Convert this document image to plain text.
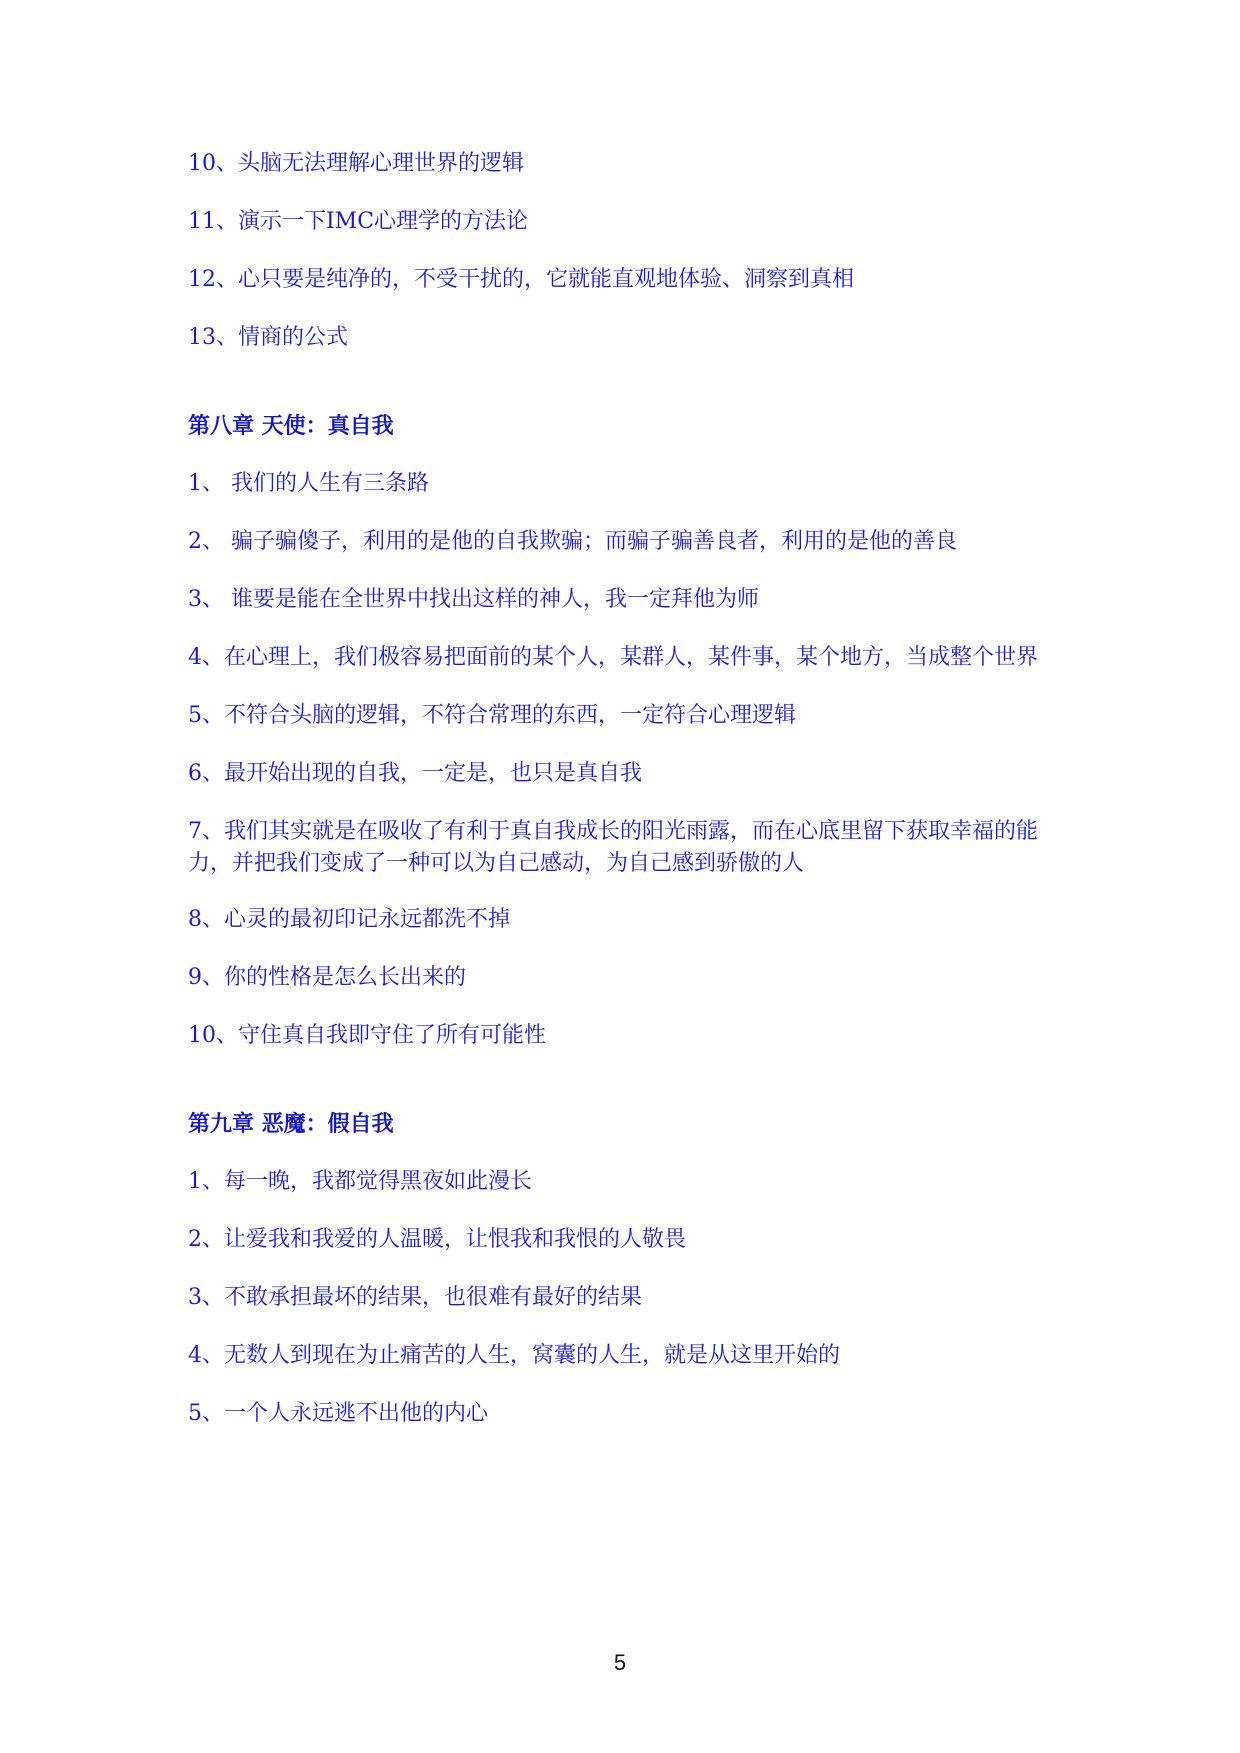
10、头脑无法理解心理世界的逻辑
11、演示一下IMC心理学的方法论
12、心只要是纯净的，不受干扰的，它就能直观地体验、洞察到真相
13、情商的公式
第八章 天使：真自我
1、 我们的人生有三条路
2、 骗子骗傻子，利用的是他的自我欺骗；而骗子骗善良者，利用的是他的善良
3、 谁要是能在全世界中找出这样的神人，我一定拜他为师
4、在心理上，我们极容易把面前的某个人，某群人，某件事，某个地方，当成整个世界
5、不符合头脑的逻辑，不符合常理的东西，一定符合心理逻辑
6、最开始出现的自我，一定是，也只是真自我
7、我们其实就是在吸收了有利于真自我成长的阳光雨露，而在心底里留下获取幸福的能力，并把我们变成了一种可以为自己感动，为自己感到骄傲的人
8、心灵的最初印记永远都洗不掉
9、你的性格是怎么长出来的
10、守住真自我即守住了所有可能性
第九章 恶魔：假自我
1、每一晚，我都觉得黑夜如此漫长
2、让爱我和我爱的人温暖，让恨我和我恨的人敬畏
3、不敢承担最坏的结果，也很难有最好的结果
4、无数人到现在为止痛苦的人生，窝囊的人生，就是从这里开始的
5、一个人永远逃不出他的内心
5
